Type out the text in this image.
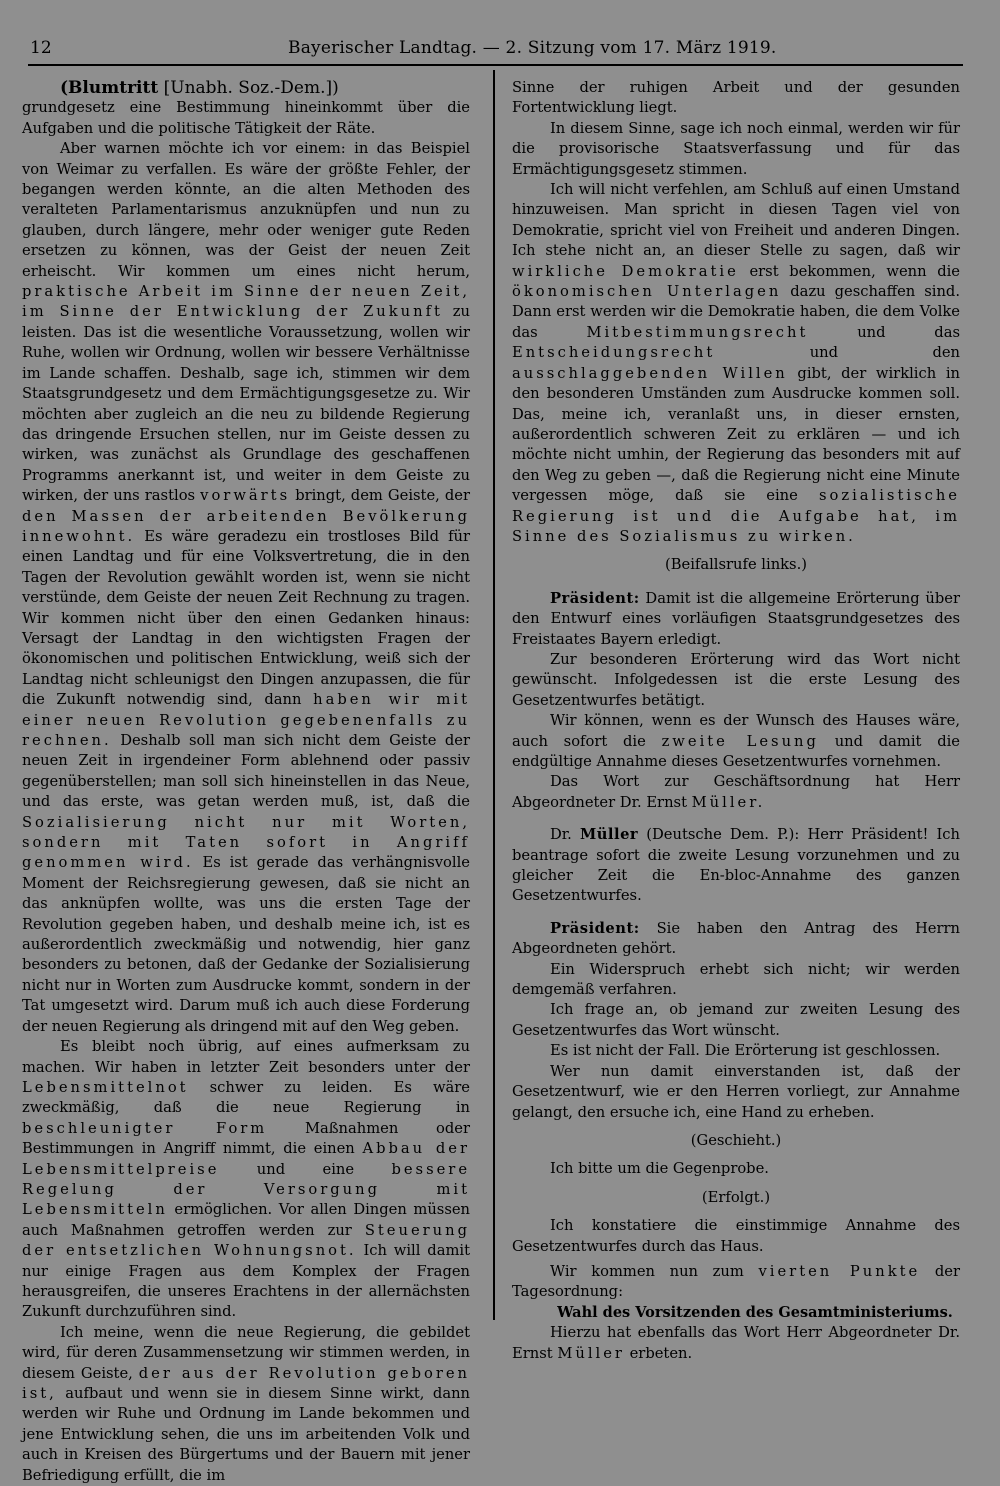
12	Bayerischer Landtag. — 2. Sitzung vom 17. März 1919.

(Blumtritt [Unabh. Soz.-Dem.])

grundgesetz eine Bestimmung hineinkommt über die Aufgaben und die politische Tätigkeit der Räte.

Aber warnen möchte ich vor einem: in das Beispiel von Weimar zu verfallen. Es wäre der größte Fehler, der begangen werden könnte, an die alten Methoden des veralteten Parlamentarismus anzuknüpfen und nun zu glauben, durch längere, mehr oder weniger gute Reden ersetzen zu können, was der Geist der neuen Zeit erheischt. Wir kommen um eines nicht herum, praktische Arbeit im Sinne der neuen Zeit, im Sinne der Entwicklung der Zukunft zu leisten. Das ist die wesentliche Voraussetzung, wollen wir Ruhe, wollen wir Ordnung, wollen wir bessere Verhältnisse im Lande schaffen. Deshalb, sage ich, stimmen wir dem Staatsgrundgesetz und dem Ermächtigungsgesetze zu. Wir möchten aber zugleich an die neu zu bildende Regierung das dringende Ersuchen stellen, nur im Geiste dessen zu wirken, was zunächst als Grundlage des geschaffenen Programms anerkannt ist, und weiter in dem Geiste zu wirken, der uns rastlos vorwärts bringt, dem Geiste, der den Massen der arbeitenden Bevölkerung innewohnt. Es wäre geradezu ein trostloses Bild für einen Landtag und für eine Volksvertretung, die in den Tagen der Revolution gewählt worden ist, wenn sie nicht verstünde, dem Geiste der neuen Zeit Rechnung zu tragen. Wir kommen nicht über den einen Gedanken hinaus: Versagt der Landtag in den wichtigsten Fragen der ökonomischen und politischen Entwicklung, weiß sich der Landtag nicht schleunigst den Dingen anzupassen, die für die Zukunft notwendig sind, dann haben wir mit einer neuen Revolution gegebenenfalls zu rechnen. Deshalb soll man sich nicht dem Geiste der neuen Zeit in irgendeiner Form ablehnend oder passiv gegenüberstellen; man soll sich hineinstellen in das Neue, und das erste, was getan werden muß, ist, daß die Sozialisierung nicht nur mit Worten, sondern mit Taten sofort in Angriff genommen wird. Es ist gerade das verhängnisvolle Moment der Reichsregierung gewesen, daß sie nicht an das anknüpfen wollte, was uns die ersten Tage der Revolution gegeben haben, und deshalb meine ich, ist es außerordentlich zweckmäßig und notwendig, hier ganz besonders zu betonen, daß der Gedanke der Sozialisierung nicht nur in Worten zum Ausdrucke kommt, sondern in der Tat umgesetzt wird. Darum muß ich auch diese Forderung der neuen Regierung als dringend mit auf den Weg geben.

Es bleibt noch übrig, auf eines aufmerksam zu machen. Wir haben in letzter Zeit besonders unter der Lebensmittelnot schwer zu leiden. Es wäre zweckmäßig, daß die neue Regierung in beschleunigter Form	Maßnahmen oder Bestimmungen in Angriff nimmt, die einen Abbau der Lebensmittelpreise	und eine	bessere Regelung der Versorgung mit Lebensmitteln ermöglichen. Vor allen Dingen müssen auch Maßnahmen getroffen werden zur Steuerung der entsetzlichen Wohnungsnot. Ich will damit nur einige Fragen aus dem Komplex der Fragen herausgreifen, die unseres Erachtens in der allernächsten Zukunft durchzuführen sind.

Ich meine, wenn die neue Regierung, die gebildet wird, für deren Zusammensetzung wir stimmen werden, in diesem Geiste, der aus der Revolution geboren ist, aufbaut und wenn sie in diesem Sinne wirkt, dann werden wir Ruhe und Ordnung im Lande bekommen und jene Entwicklung sehen, die uns im arbeitenden Volk und auch in Kreisen des Bürgertums und der Bauern mit jener Befriedigung erfüllt, die im

Sinne der ruhigen Arbeit und der gesunden Fortentwicklung liegt.

In diesem Sinne, sage ich noch einmal, werden wir für die provisorische Staatsverfassung und für das Ermächtigungsgesetz stimmen.

Ich will nicht verfehlen, am Schluß auf einen Umstand hinzuweisen. Man spricht in diesen Tagen viel von Demokratie, spricht viel von Freiheit und anderen Dingen. Ich stehe nicht an, an dieser Stelle zu sagen, daß wir wirkliche Demokratie erst bekommen, wenn die ökonomischen Unterlagen dazu geschaffen sind. Dann erst werden wir die Demokratie haben, die dem Volke das	Mitbestimmungsrecht	und das Entscheidungsrecht	und den ausschlaggebenden Willen gibt, der wirklich in den besonderen Umständen zum Ausdrucke kommen soll. Das, meine ich, veranlaßt uns, in dieser ernsten, außerordentlich schweren Zeit zu erklären — und ich möchte nicht umhin, der Regierung das besonders mit auf den Weg zu geben —, daß die Regierung nicht eine Minute vergessen möge, daß sie eine sozialistische Regierung ist und die Aufgabe hat, im Sinne des Sozialismus zu wirken.

(Beifallsrufe links.)

Präsident: Damit ist die allgemeine Erörterung über den Entwurf eines vorläufigen Staatsgrundgesetzes des Freistaates Bayern erledigt.

Zur besonderen Erörterung wird das Wort nicht gewünscht. Infolgedessen ist die erste Lesung des Gesetzentwurfes betätigt.

Wir können, wenn es der Wunsch des Hauses wäre, auch sofort die zweite Lesung und damit die endgültige Annahme dieses Gesetzentwurfes vornehmen.

Das Wort zur Geschäftsordnung hat Herr Abgeordneter Dr. Ernst Müller.

Dr. Müller (Deutsche Dem. P.): Herr Präsident! Ich beantrage sofort die zweite Lesung vorzunehmen und zu gleicher Zeit die En-bloc-Annahme des ganzen Gesetzentwurfes.

Präsident: Sie haben den Antrag des Herrn Abgeordneten gehört.

Ein Widerspruch erhebt sich nicht; wir werden demgemäß verfahren.

Ich frage an, ob jemand zur zweiten Lesung des Gesetzentwurfes das Wort wünscht.

Es ist nicht der Fall. Die Erörterung ist geschlossen.

Wer nun damit einverstanden ist, daß der Gesetzentwurf, wie er den Herren vorliegt, zur Annahme gelangt, den ersuche ich, eine Hand zu erheben.

(Geschieht.)

Ich bitte um die Gegenprobe.

(Erfolgt.)

Ich konstatiere die einstimmige Annahme des Gesetzentwurfes durch das Haus.

Wir kommen nun zum vierten Punkte der Tagesordnung:

Wahl des Vorsitzenden des Gesamtministeriums.

Hierzu hat ebenfalls das Wort Herr Abgeordneter Dr. Ernst Müller erbeten.
